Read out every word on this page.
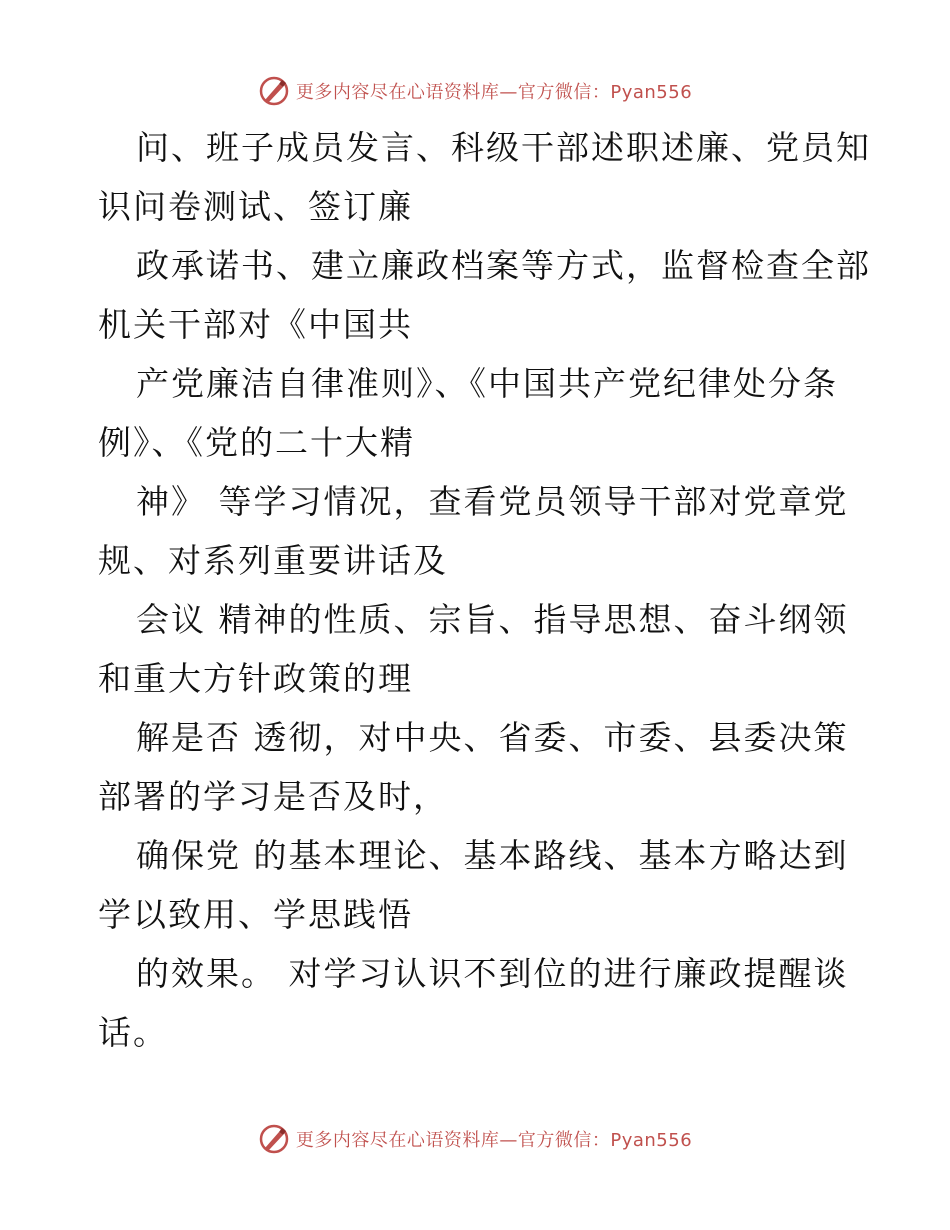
更多内容尽在心语资料库—官方微信：Pyan556

问、班子成员发言、科级干部述职述廉、党员知
识问卷测试、签订廉

政承诺书、建立廉政档案等方式，监督检查全部
机关干部对《中国共

产党廉洁自律准则》、《中国共产党纪律处分条
例》、《党的二十大精

神》 等学习情况，查看党员领导干部对党章党
规、对系列重要讲话及

会议 精神的性质、宗旨、指导思想、奋斗纲领
和重大方针政策的理

解是否 透彻，对中央、省委、市委、县委决策
部署的学习是否及时，

确保党 的基本理论、基本路线、基本方略达到
学以致用、学思践悟

的效果。 对学习认识不到位的进行廉政提醒谈
话。

更多内容尽在心语资料库—官方微信：Pyan556
